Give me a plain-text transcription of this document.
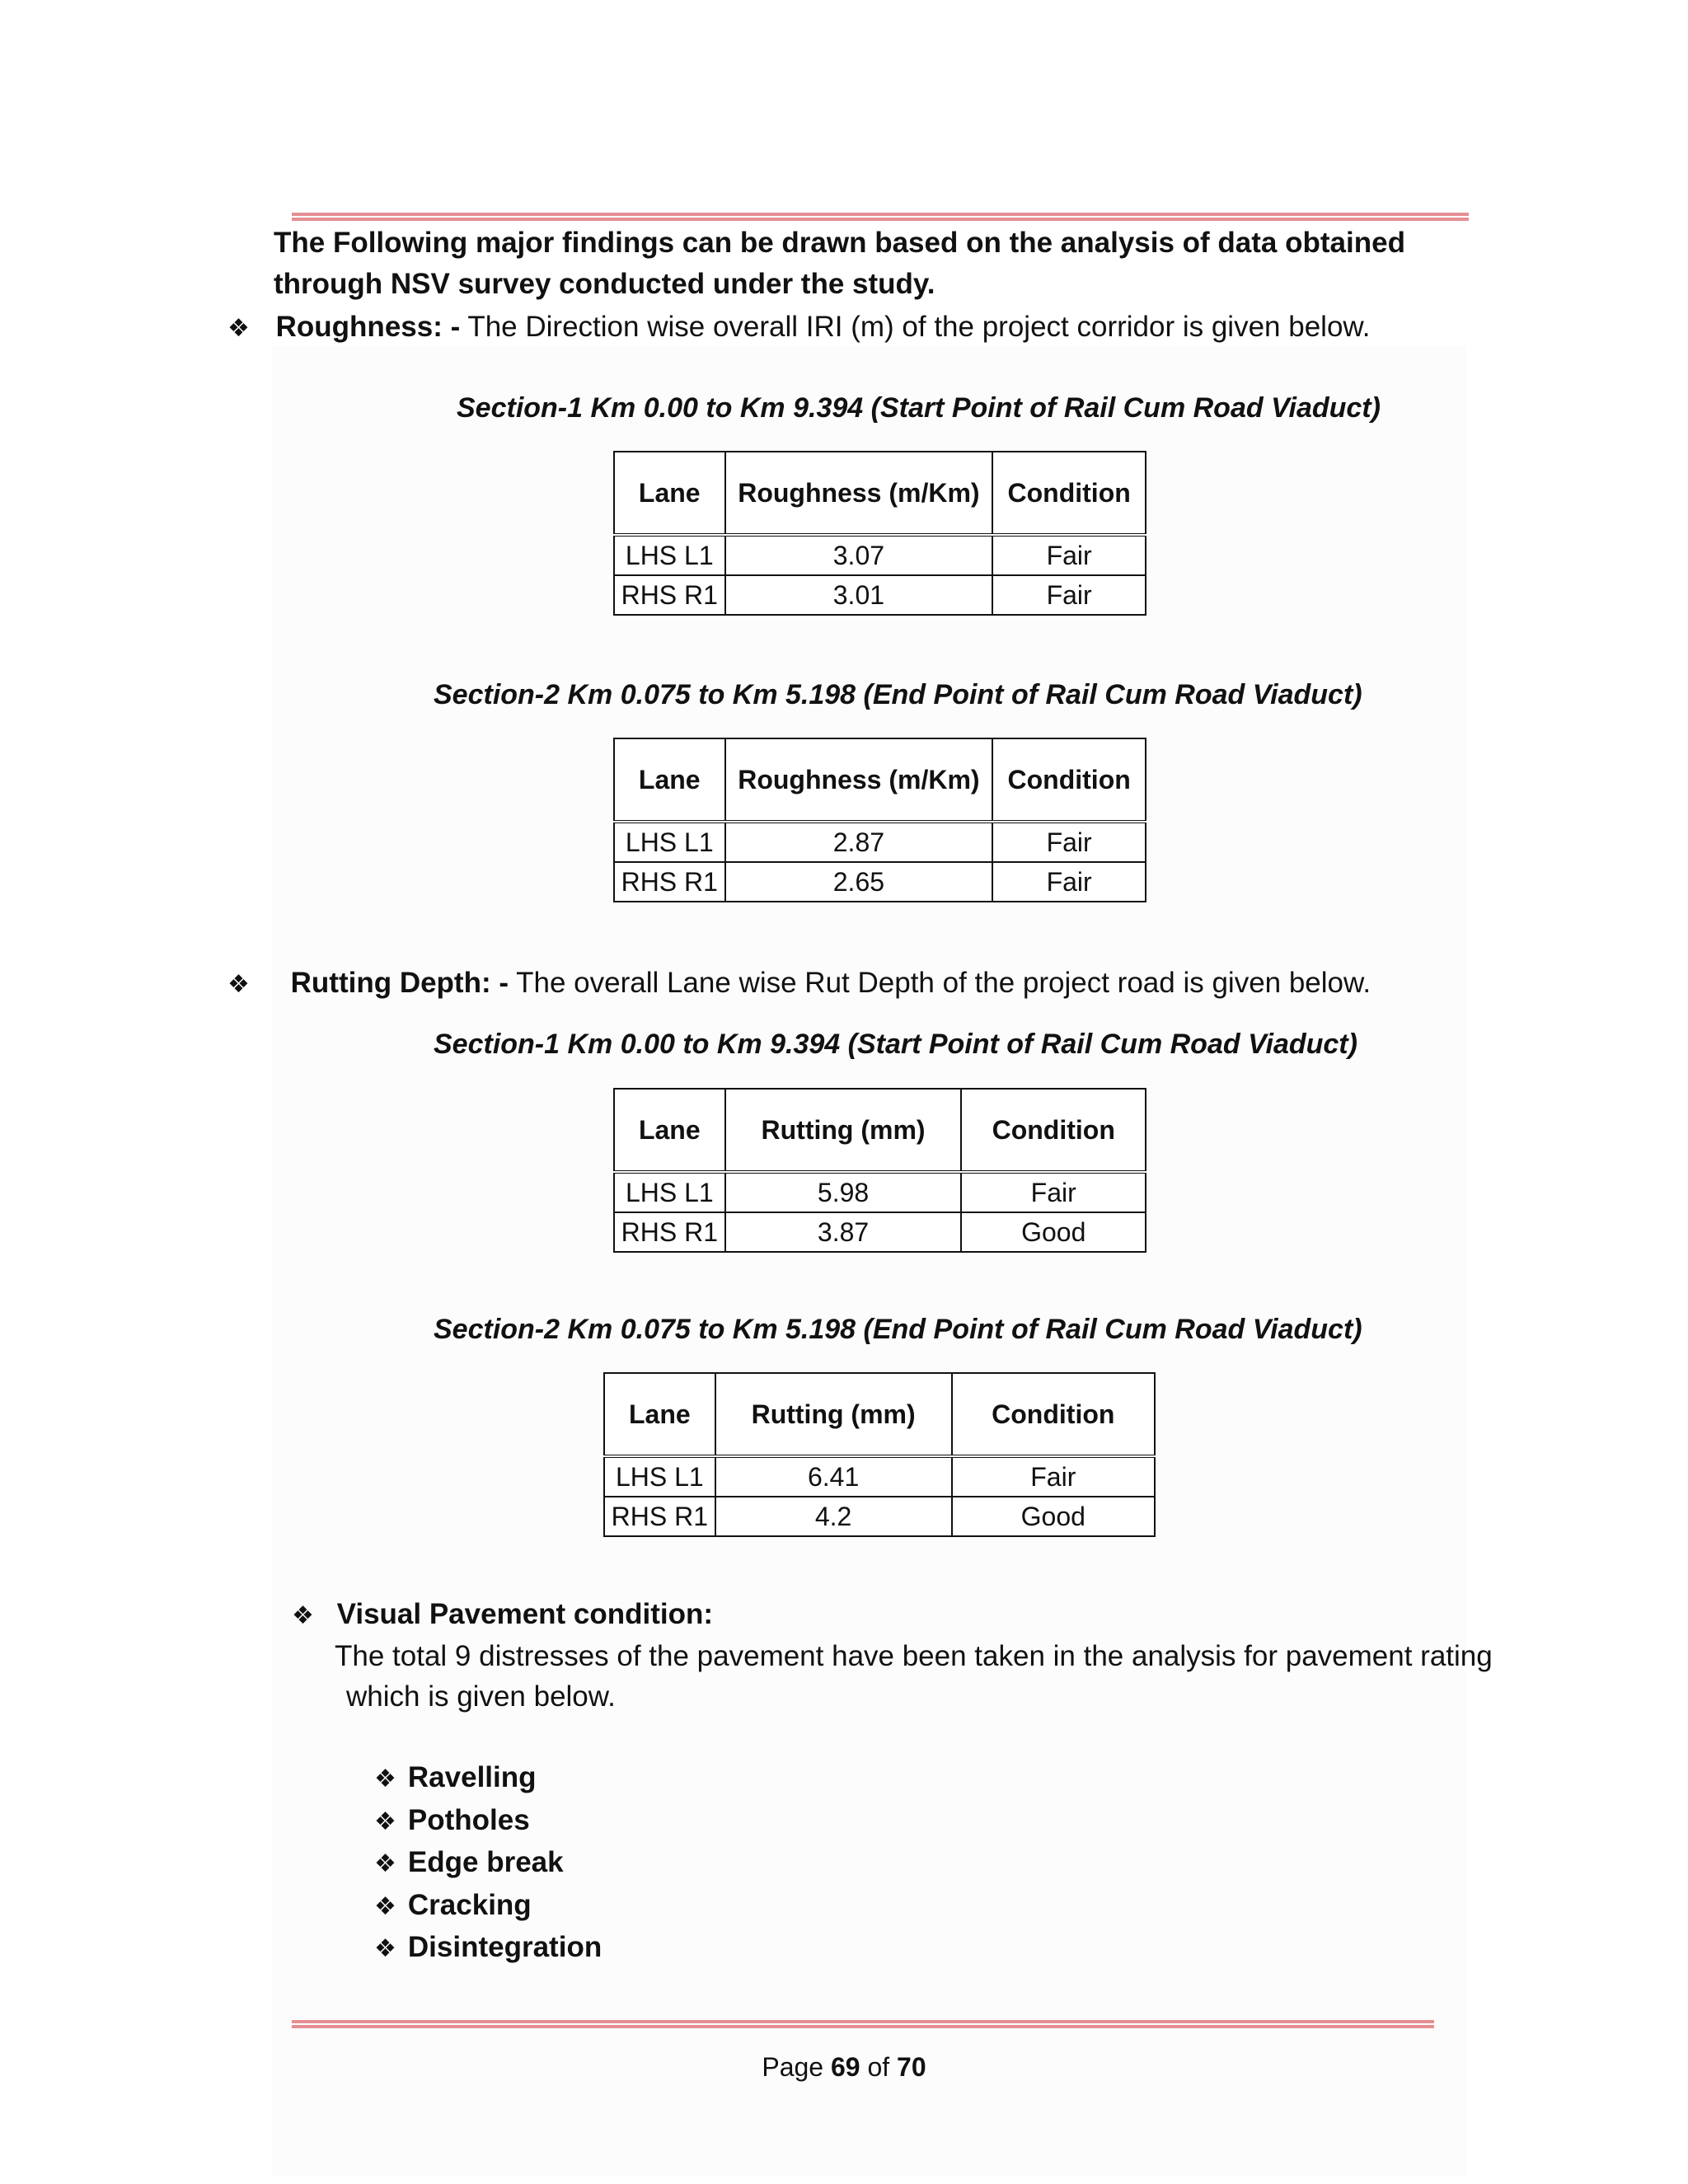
The Following major findings can be drawn based on the analysis of data obtained through NSV survey conducted under the study.
❖ Roughness: - The Direction wise overall IRI (m) of the project corridor is given below.
Section-1 Km 0.00 to Km 9.394 (Start Point of Rail Cum Road Viaduct)
Lane	Roughness (m/Km)	Condition
LHS L1	3.07	Fair
RHS R1	3.01	Fair
Section-2 Km 0.075 to Km 5.198 (End Point of Rail Cum Road Viaduct)
Lane	Roughness (m/Km)	Condition
LHS L1	2.87	Fair
RHS R1	2.65	Fair
❖ Rutting Depth: - The overall Lane wise Rut Depth of the project road is given below.
Section-1 Km 0.00 to Km 9.394 (Start Point of Rail Cum Road Viaduct)
Lane	Rutting (mm)	Condition
LHS L1	5.98	Fair
RHS R1	3.87	Good
Section-2 Km 0.075 to Km 5.198 (End Point of Rail Cum Road Viaduct)
Lane	Rutting (mm)	Condition
LHS L1	6.41	Fair
RHS R1	4.2	Good
❖ Visual Pavement condition:
The total 9 distresses of the pavement have been taken in the analysis for pavement rating
which is given below.
❖ Ravelling
❖ Potholes
❖ Edge break
❖ Cracking
❖ Disintegration
Page 69 of 70
